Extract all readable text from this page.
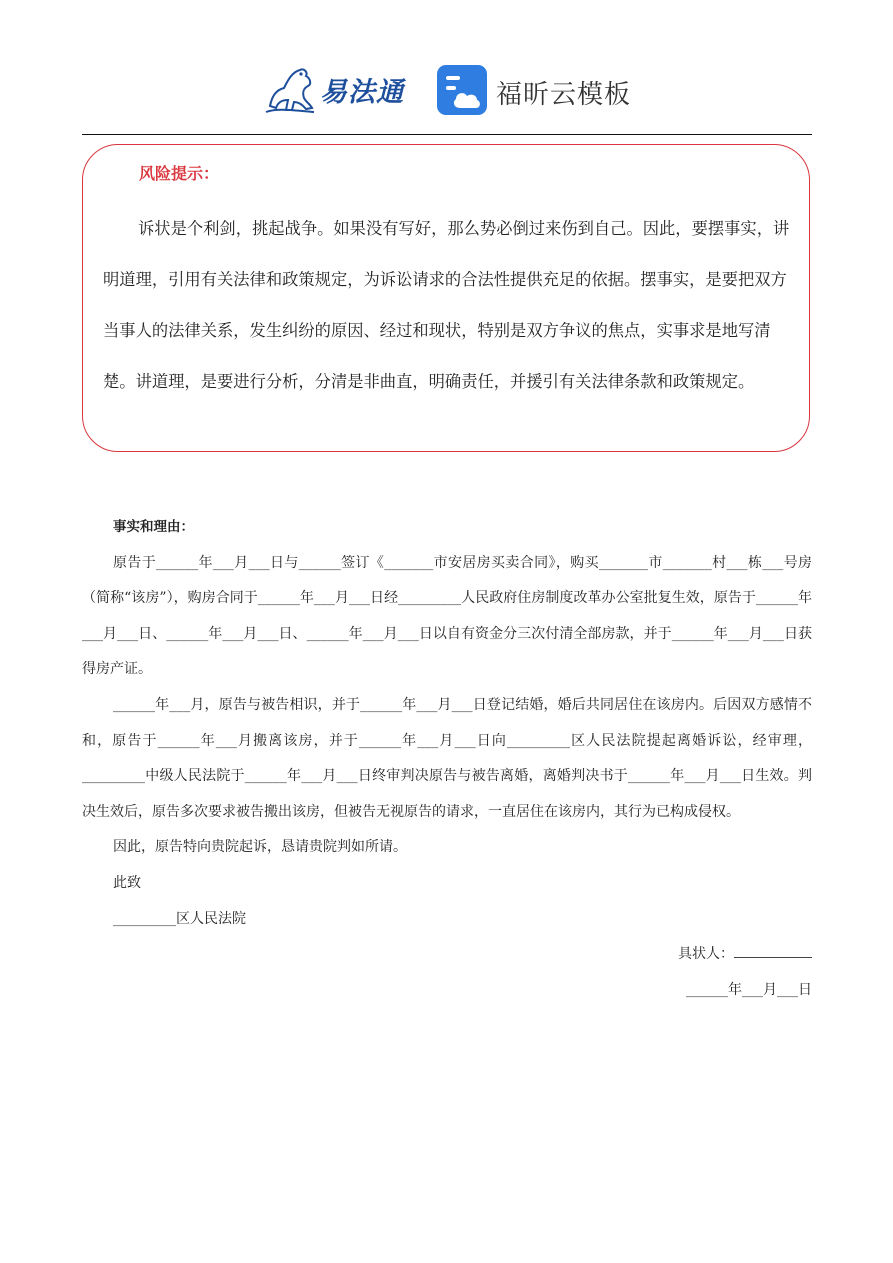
易法通	福昕云模板
风险提示：

诉状是个利剑，挑起战争。如果没有写好，那么势必倒过来伤到自己。因此，要摆事实，讲明道理，引用有关法律和政策规定，为诉讼请求的合法性提供充足的依据。摆事实，是要把双方当事人的法律关系，发生纠纷的原因、经过和现状，特别是双方争议的焦点，实事求是地写清楚。讲道理，是要进行分析，分清是非曲直，明确责任，并援引有关法律条款和政策规定。

事实和理由：

原告于______年___月___日与______签订《_______市安居房买卖合同》，购买_______市_______村___栋___号房（简称“该房”），购房合同于______年___月___日经_________人民政府住房制度改革办公室批复生效，原告于______年___月___日、______年___月___日、______年___月___日以自有资金分三次付清全部房款，并于______年___月___日获得房产证。

______年___月，原告与被告相识，并于______年___月___日登记结婚，婚后共同居住在该房内。后因双方感情不和，原告于______年___月搬离该房，并于______年___月___日向_________区人民法院提起离婚诉讼，经审理，_________中级人民法院于______年___月___日终审判决原告与被告离婚，离婚判决书于______年___月___日生效。判决生效后，原告多次要求被告搬出该房，但被告无视原告的请求，一直居住在该房内，其行为已构成侵权。

因此，原告特向贵院起诉，恳请贵院判如所请。

此致

_________区人民法院

具状人：

______年___月___日
